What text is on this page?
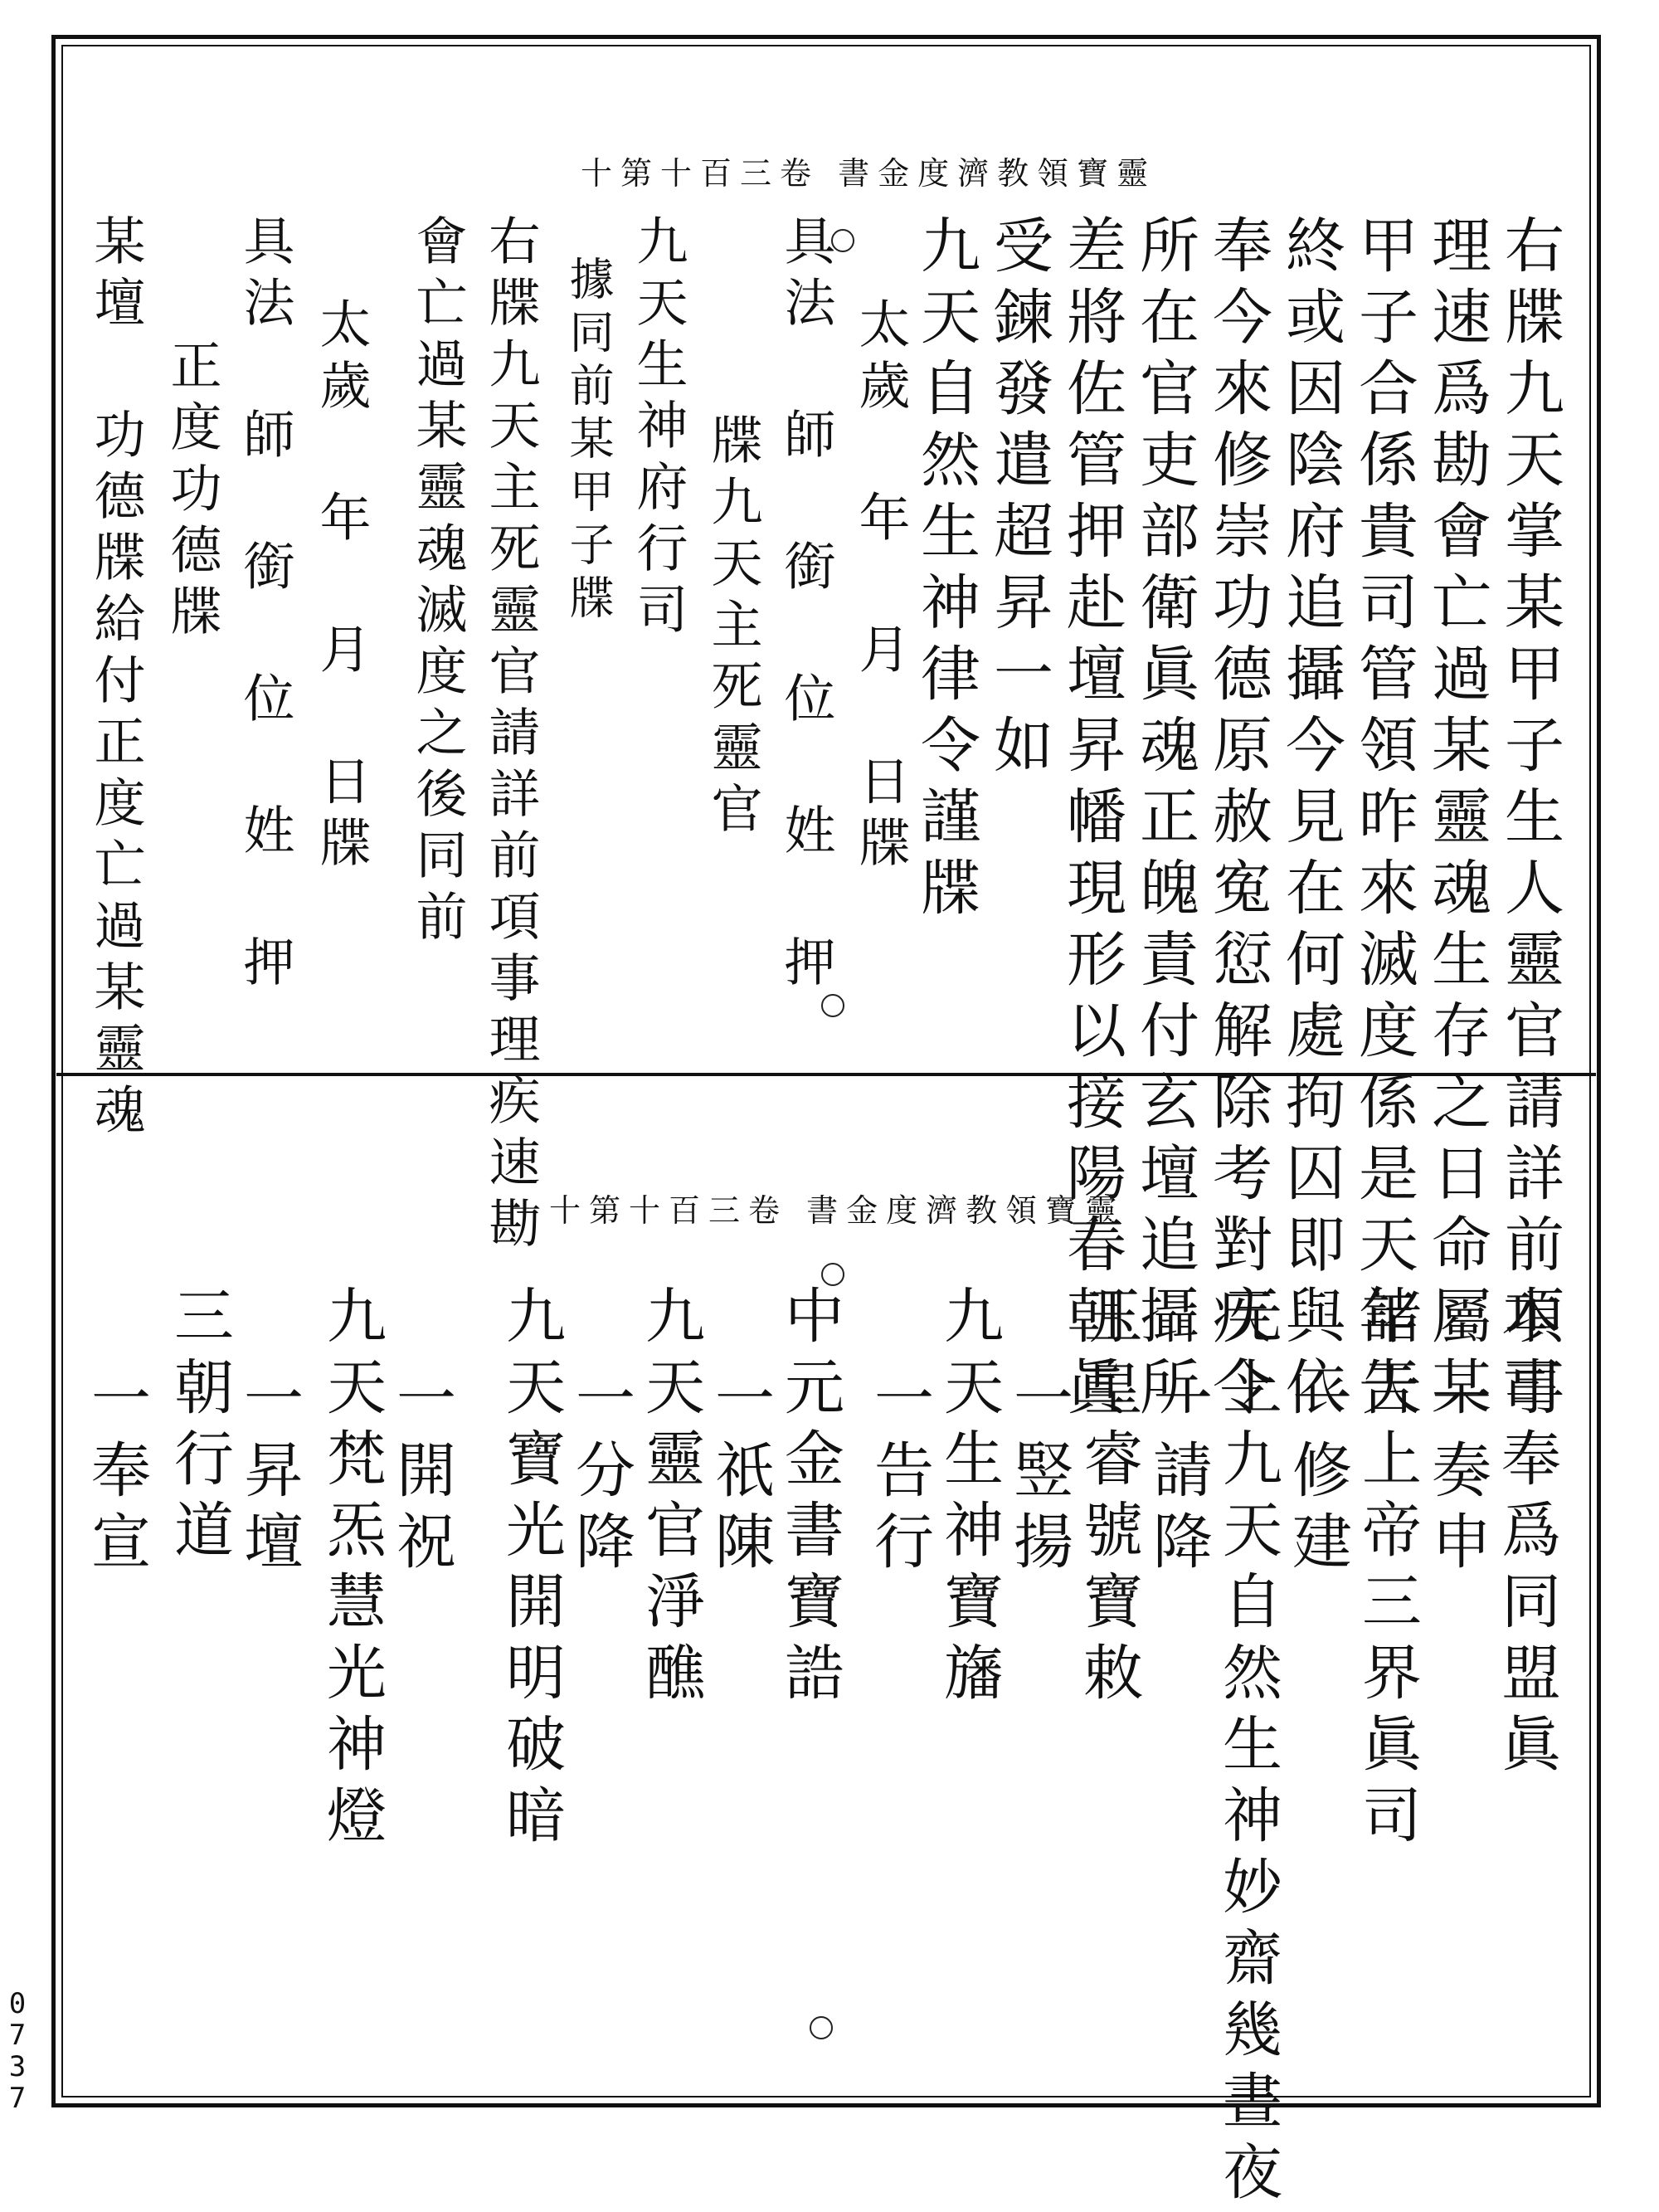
0
7
3
7
靈寶領教濟度金書 卷三百十第十
右牒九天掌某甲子生人靈官請詳前項事
理速爲勘會亡過某靈魂生存之日命屬某
甲子合係貴司管領昨來滅度係是天年告
終或因陰府追攝今見在何處拘囚即與依
奉今來修崇功德原赦寃愆解除考對疾令
所在官吏部衛眞魂正魄責付玄壇追攝所
差將佐管押赴壇昇幡現形以接陽春朝眞
受鍊發遣超昇一如
九天自然生神律令謹牒
太歲 年 月 日牒
具法 師 銜 位 姓 押
牒九天主死靈官
九天生神府行司
據同前某甲子牒
右牒九天主死靈官請詳前項事理疾速勘
會亡過某靈魂滅度之後同前
太歲 年 月 日牒
具法 師 銜 位 姓 押
正度功德牒
某壇 功德牒給付正度亡過某靈魂
靈寶領教濟度金書 卷三百十第十一
本司奉爲同盟眞
一奏申
諸天上帝三界眞司
一修建
无上九天自然生神妙齋幾晝夜
一請降
玉皇睿號寶敕
一竪揚
九天生神寶旛
一告行
中元金書寶誥
一祇陳
九天靈官淨醮
一分降
九天寶光開明破暗
一開祝
九天梵炁慧光神燈
一昇壇
三朝行道
一奉宣
